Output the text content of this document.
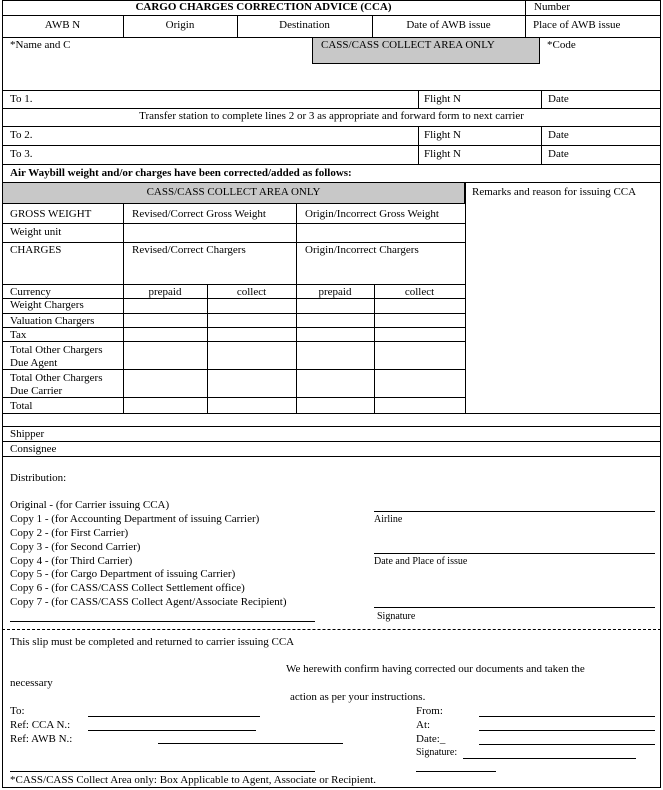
CARGO CHARGES CORRECTION ADVICE (CCA)	Number
AWB N	Origin	Destination	Date of AWB issue	Place of AWB issue
*Name and C	CASS/CASS COLLECT AREA ONLY	*Code
To 1.	Flight N	Date
Transfer station to complete lines 2 or 3 as appropriate and forward form to next carrier
To 2.	Flight N	Date
To 3.	Flight N	Date
Air Waybill weight and/or charges have been corrected/added as follows:
CASS/CASS COLLECT AREA ONLY	Remarks and reason for issuing CCA
GROSS WEIGHT	Revised/Correct Gross Weight	Origin/Incorrect Gross Weight
Weight unit
CHARGES	Revised/Correct Chargers	Origin/Incorrect Chargers
Currency	prepaid	collect	prepaid	collect
Weight Chargers
Valuation Chargers
Tax
Total Other Chargers
Due Agent
Total Other Chargers
Due Carrier
Total
Shipper
Consignee
Distribution:
Original - (for Carrier issuing CCA)
Copy 1 - (for Accounting Department of issuing Carrier)
Copy 2 - (for First Carrier)
Copy 3 - (for Second Carrier)
Copy 4 - (for Third Carrier)
Copy 5 - (for Cargo Department of issuing Carrier)
Copy 6 - (for CASS/CASS Collect Settlement office)
Copy 7 - (for CASS/CASS Collect Agent/Associate Recipient)
Airline
Date and Place of issue
Signature
This slip must be completed and returned to carrier issuing CCA
We herewith confirm having corrected our documents and taken the
necessary
action as per your instructions.
To:
Ref: CCA N.:
Ref: AWB N.:
From:
At:
Date:_
Signature:
*CASS/CASS Collect Area only: Box Applicable to Agent, Associate or Recipient.
